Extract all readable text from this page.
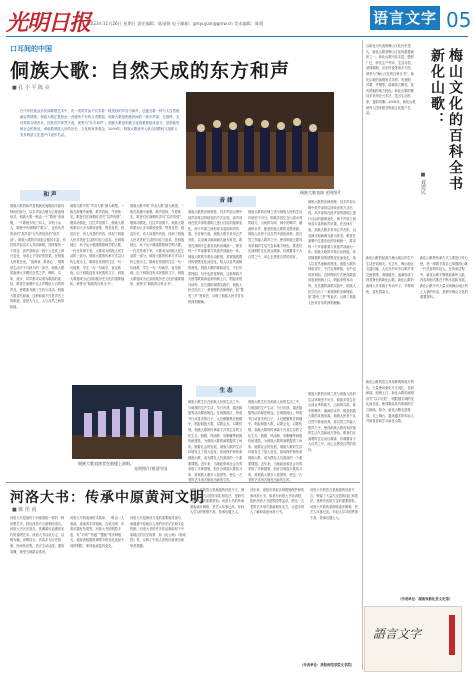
光明日报
2023年11月26日 星期日 责任编辑：陈丽娟 电子邮箱：gmyuyan@gmw.cn 美术编辑：陈霞	语言文字 05
口耳间的中国
侗族大歌：自然天成的东方和声
■ 孔 小 平 陈 亮
在中华民族众多民间歌唱艺术中，有一类的作品不仅有着一段美妙的声音与和声，还蕴含着一种与大自然相融合的情感。侗族大歌正是如此一首流传千年的古老歌谣。侗族大歌是侗族民间的一种多声部、无指挥、无伴奏的合唱音乐，因其音声浑然天成，被誉为“东方和声”。侗族大歌是侗族文化的重要组成部分，是侗族传统社会的象征，承载着侗族人民的历史、文化和审美观念。2009年，侗族大歌被列入联合国教科文组织人类非物质文化遗产代表作名录。
侗族大歌表演 光明图片
和 声
侗族大歌的和声是侗族民间歌曲中最具特色的部分，以多声部合唱为主要表现形式。侗族大歌一般由一个“歌班”来演唱，一个歌班少则三四人，多则十余人，歌班中有领唱的“歌头”，也有负责高音的“高声部”与负责低音的“低声部”。侗族大歌的声部组合极其丰富，有时低声部由多人共同演唱，持续保持一个低音，高声部则由一两个人在其上即兴变化，形成上下呼应的效果。在侗族人的观念里，“饭养身，歌养心”，唱歌是生活中不可缺少的一部分。侗族大歌的旋律大多模仿自然之声，蝉鸣、鸟叫、流水、风声都可以成为歌曲的素材，歌者在演唱中以人声模拟大自然的声音，使歌曲充满了生机与灵动。侗族大歌讲究和谐，这种和谐不仅是声音上的和谐，更是人与人、人与自然之间的和谐。
侗族大歌中的“声音大歌”最为典型，一般在鼓楼中演唱，歌声悠扬，气势恢宏。歌者们在演唱时讲究“以声传情”，唱到动情处，往往声泪俱下。侗族大歌的歌词大多为歌颂爱情、赞美自然、叙述历史、劝人向善的内容，体现了侗族人民对美好生活的向往与追求。在侗族地区，孩子从小就跟着歌师学唱大歌，一代代传承下来，大歌成为侗族人民生活的一部分。侗族大歌的传承方式以口传心授为主，歌师在传授时往往一句一句地教，学生一句一句地学，直至熟练。由于侗族没有本民族的文字，侗族大歌便成为记录侗族历史文化的重要载体，被誉为“侗族的百科全书”。
侗族大歌中的“声音大歌”最为典型，一般在鼓楼中演唱，歌声悠扬，气势恢宏。歌者们在演唱时讲究“以声传情”，唱到动情处，往往声泪俱下。侗族大歌的歌词大多为歌颂爱情、赞美自然、叙述历史、劝人向善的内容，体现了侗族人民对美好生活的向往与追求。在侗族地区，孩子从小就跟着歌师学唱大歌，一代代传承下来，大歌成为侗族人民生活的一部分。侗族大歌的传承方式以口传心授为主，歌师在传授时往往一句一句地教，学生一句一句地学，直至熟练。由于侗族没有本民族的文字，侗族大歌便成为记录侗族历史文化的重要载体，被誉为“侗族的百科全书”。
音 律
侗族大歌的音律独特，其多声部合唱中低声部常以持续音的方式出现，高声部则在低声部的基础上进行自由的旋律变化，两个声部之间形成丰富的和声效果。在音律方面，侗族大歌多采用五声音阶，以羽调式和商调式最为常见。歌者在演唱中注重音色的协调统一，要求每一个声部都要与其他声部融为一体。侗族大歌的节奏自由舒展，常常随着歌词的情感变化而变化，给人以自然流畅的感受。侗族大歌的押韵讲究，不仅句尾押韵，句中也常常押韵，这种押韵方式使得歌曲读起来朗朗上口，唱起来悦耳动听。在长期的演唱实践中，侗族人民总结出了一套独特的音律理论，如“歌有三声”等说法，反映了侗族人民对音乐的深刻理解。
侗族大歌的音律之美与侗族人民的生活环境密不可分。侗族多居住在山清水秀的地方，山间的鸟鸣、林中的蝉声、溪流的水声，都是侗族大歌的灵感来源。侗族人民善于从自然中汲取营养，将自然之声融入歌声之中，使得侗族大歌具有浓郁的生活气息和地方特色。歌者们在演唱时往往闭目凝神，仿佛置身于大自然之中，用心去感受自然的美好。
侗族大歌的音律独特，其多声部合唱中低声部常以持续音的方式出现，高声部则在低声部的基础上进行自由的旋律变化，两个声部之间形成丰富的和声效果。在音律方面，侗族大歌多采用五声音阶，以羽调式和商调式最为常见。歌者在演唱中注重音色的协调统一，要求每一个声部都要与其他声部融为一体。侗族大歌的节奏自由舒展，常常随着歌词的情感变化而变化，给人以自然流畅的感受。侗族大歌的押韵讲究，不仅句尾押韵，句中也常常押韵，这种押韵方式使得歌曲读起来朗朗上口，唱起来悦耳动听。在长期的演唱实践中，侗族人民总结出了一套独特的音律理论，如“歌有三声”等说法，反映了侗族人民对音乐的深刻理解。
侗族大歌表演者在鼓楼上演唱。
光明图片/视觉中国
生 态
侗族大歌生长在侗族人民的生活之中，与侗族的生产生活、节日庆典、婚丧嫁娶等活动紧密相连。在侗族地区，每逢节日或喜庆的日子，人们便聚集在鼓楼中，唱起侗族大歌，以歌会友，以歌传情。侗族大歌的传承离不开其生存的文化生态，鼓楼、风雨桥、吊脚楼等侗族传统建筑，为侗族大歌的演唱提供了场所。随着社会的发展，侗族大歌的生存环境发生了很大变化，如何保护和传承侗族大歌，成为摆在人们面前的一个重要课题。近年来，当地政府和社会各界采取了多种措施，如开办侗族大歌传习所、将侗族大歌引入校园等，使这一古老的艺术形式焕发出新的生机。
侗族大歌生长在侗族人民的生活之中，与侗族的生产生活、节日庆典、婚丧嫁娶等活动紧密相连。在侗族地区，每逢节日或喜庆的日子，人们便聚集在鼓楼中，唱起侗族大歌，以歌会友，以歌传情。侗族大歌的传承离不开其生存的文化生态，鼓楼、风雨桥、吊脚楼等侗族传统建筑，为侗族大歌的演唱提供了场所。随着社会的发展，侗族大歌的生存环境发生了很大变化，如何保护和传承侗族大歌，成为摆在人们面前的一个重要课题。近年来，当地政府和社会各界采取了多种措施，如开办侗族大歌传习所、将侗族大歌引入校园等，使这一古老的艺术形式焕发出新的生机。
侗族大歌的音律之美与侗族人民的生活环境密不可分。侗族多居住在山清水秀的地方，山间的鸟鸣、林中的蝉声、溪流的水声，都是侗族大歌的灵感来源。侗族人民善于从自然中汲取营养，将自然之声融入歌声之中，使得侗族大歌具有浓郁的生活气息和地方特色。歌者们在演唱时往往闭目凝神，仿佛置身于大自然之中，用心去感受自然的美好。
河洛大书：传承中原黄河文明
■ 陈 佳 甫
河洛大书是流传于河南洛阳一带的一种说唱艺术，因以河洛方言演唱而得名。河洛大书历史悠久，其渊源可追溯到宋代的说唱艺术。河洛大书以说为主、以唱为辅，说唱结合，内容多为历史故事、民间传说等，语言生动活泼，通俗易懂，深受当地群众喜爱。
河洛大书的表演形式简单，一般由一人表演，表演者手持简板，边说边唱，伴奏乐器有坠胡等。河洛大书的唱腔丰富，有“平调”“快板”“慢板”等多种板式，表演者根据故事情节的变化选择不同的唱腔，使得表演富有变化。
河洛大书是黄河文化的重要组成部分，承载着中原地区人民的历史记忆和文化传统。河洛大书的许多作品都取材于中原地区的历史故事，如《包公案》《杨家将》等，反映了中原人民的价值观念和审美情趣。
河洛大书的语言是地道的河洛方言，保留了大量古汉语的词汇和语法，是研究河洛方言的重要资料。河洛大书的传承面临诸多困难，老艺人年事已高，年轻人学习的热情不高，传承后继乏人。
近年来，洛阳市采取多种措施保护和传承河洛大书，如举办河洛大书培训班、组织河洛大书进校园等活动，使这一古老的艺术形式重新焕发活力，让更多的人了解和喜爱河洛大书。
河洛大书的语言是地道的河洛方言，保留了大量古汉语的词汇和语法，是研究河洛方言的重要资料。河洛大书的传承面临诸多困难，老艺人年事已高，年轻人学习的热情不高，传承后继乏人。
（作者单位：洛阳师范学院文学院）
以新化为代表的梅山文化历史悠久，新化山歌是梅山文化的重要载体之一。新化山歌内容丰富，题材广泛，涉及生产劳动、生活习俗、爱情婚姻、历史传说等诸多方面，被誉为“梅山文化的百科全书”。新化山歌的演唱形式多样，有独唱、对唱、齐唱等，曲调高亢嘹亮，富有浓郁的地方特色。新化山歌的歌词多采用比兴手法，语言生动形象，通俗易懂。2008年，新化山歌被列入国家级非物质文化遗产名录。	新化山歌： 梅山文化的百科全书
■ 聂建民
新化山歌的起源与梅山地区的生产生活密切相关。在古代，梅山地区交通闭塞，人们在劳动中以歌声来交流情感、消除疲劳，逐渐形成了独具特色的新化山歌。新化山歌的曲调大多来源于劳动号子，节奏明快，富有感染力。
新化山歌的传承方式主要是口传心授，老一辈歌手将自己掌握的山歌一代代传给年轻人。在传承过程中，新化山歌不断吸收新的元素，内容和形式都在不断丰富和发展。新化山歌中有大量反映梅山地区风土人情的作品，是研究梅山文化的重要资料。
新化山歌的语言具有鲜明的地方特色，大量使用新化方言词汇，音韵和谐，朗朗上口。新化山歌的演唱讲究“以字行腔”，唱腔随字调的变化而变化，使得歌曲具有浓郁的方言韵味。如今，新化山歌走进校园、走上舞台，越来越多的年轻人开始喜爱和学习新化山歌。
（作者单位：湖南省新化县文化馆）
語言文字
